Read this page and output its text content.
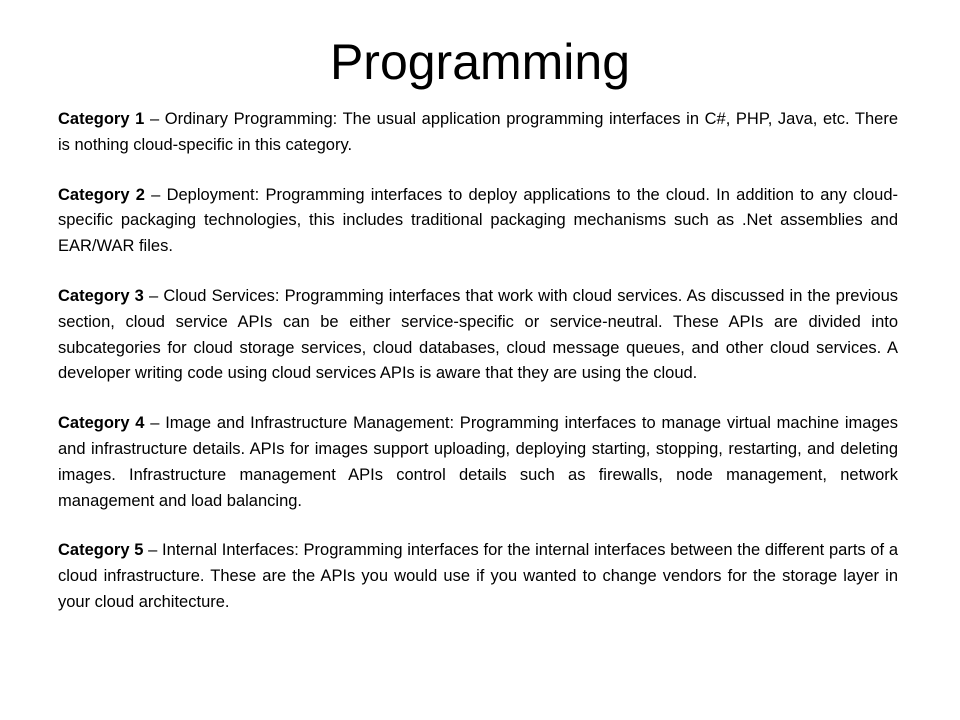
Programming

Category 1 – Ordinary Programming: The usual application programming interfaces in C#, PHP, Java, etc. There is nothing cloud-specific in this category.

Category 2 – Deployment: Programming interfaces to deploy applications to the cloud. In addition to any cloud-specific packaging technologies, this includes traditional packaging mechanisms such as .Net assemblies and EAR/WAR files.

Category 3 – Cloud Services: Programming interfaces that work with cloud services. As discussed in the previous section, cloud service APIs can be either service-specific or service-neutral. These APIs are divided into subcategories for cloud storage services, cloud databases, cloud message queues, and other cloud services. A developer writing code using cloud services APIs is aware that they are using the cloud.

Category 4 – Image and Infrastructure Management: Programming interfaces to manage virtual machine images and infrastructure details. APIs for images support uploading, deploying starting, stopping, restarting, and deleting images. Infrastructure management APIs control details such as firewalls, node management, network management and load balancing.

Category 5 – Internal Interfaces: Programming interfaces for the internal interfaces between the different parts of a cloud infrastructure. These are the APIs you would use if you wanted to change vendors for the storage layer in your cloud architecture.
